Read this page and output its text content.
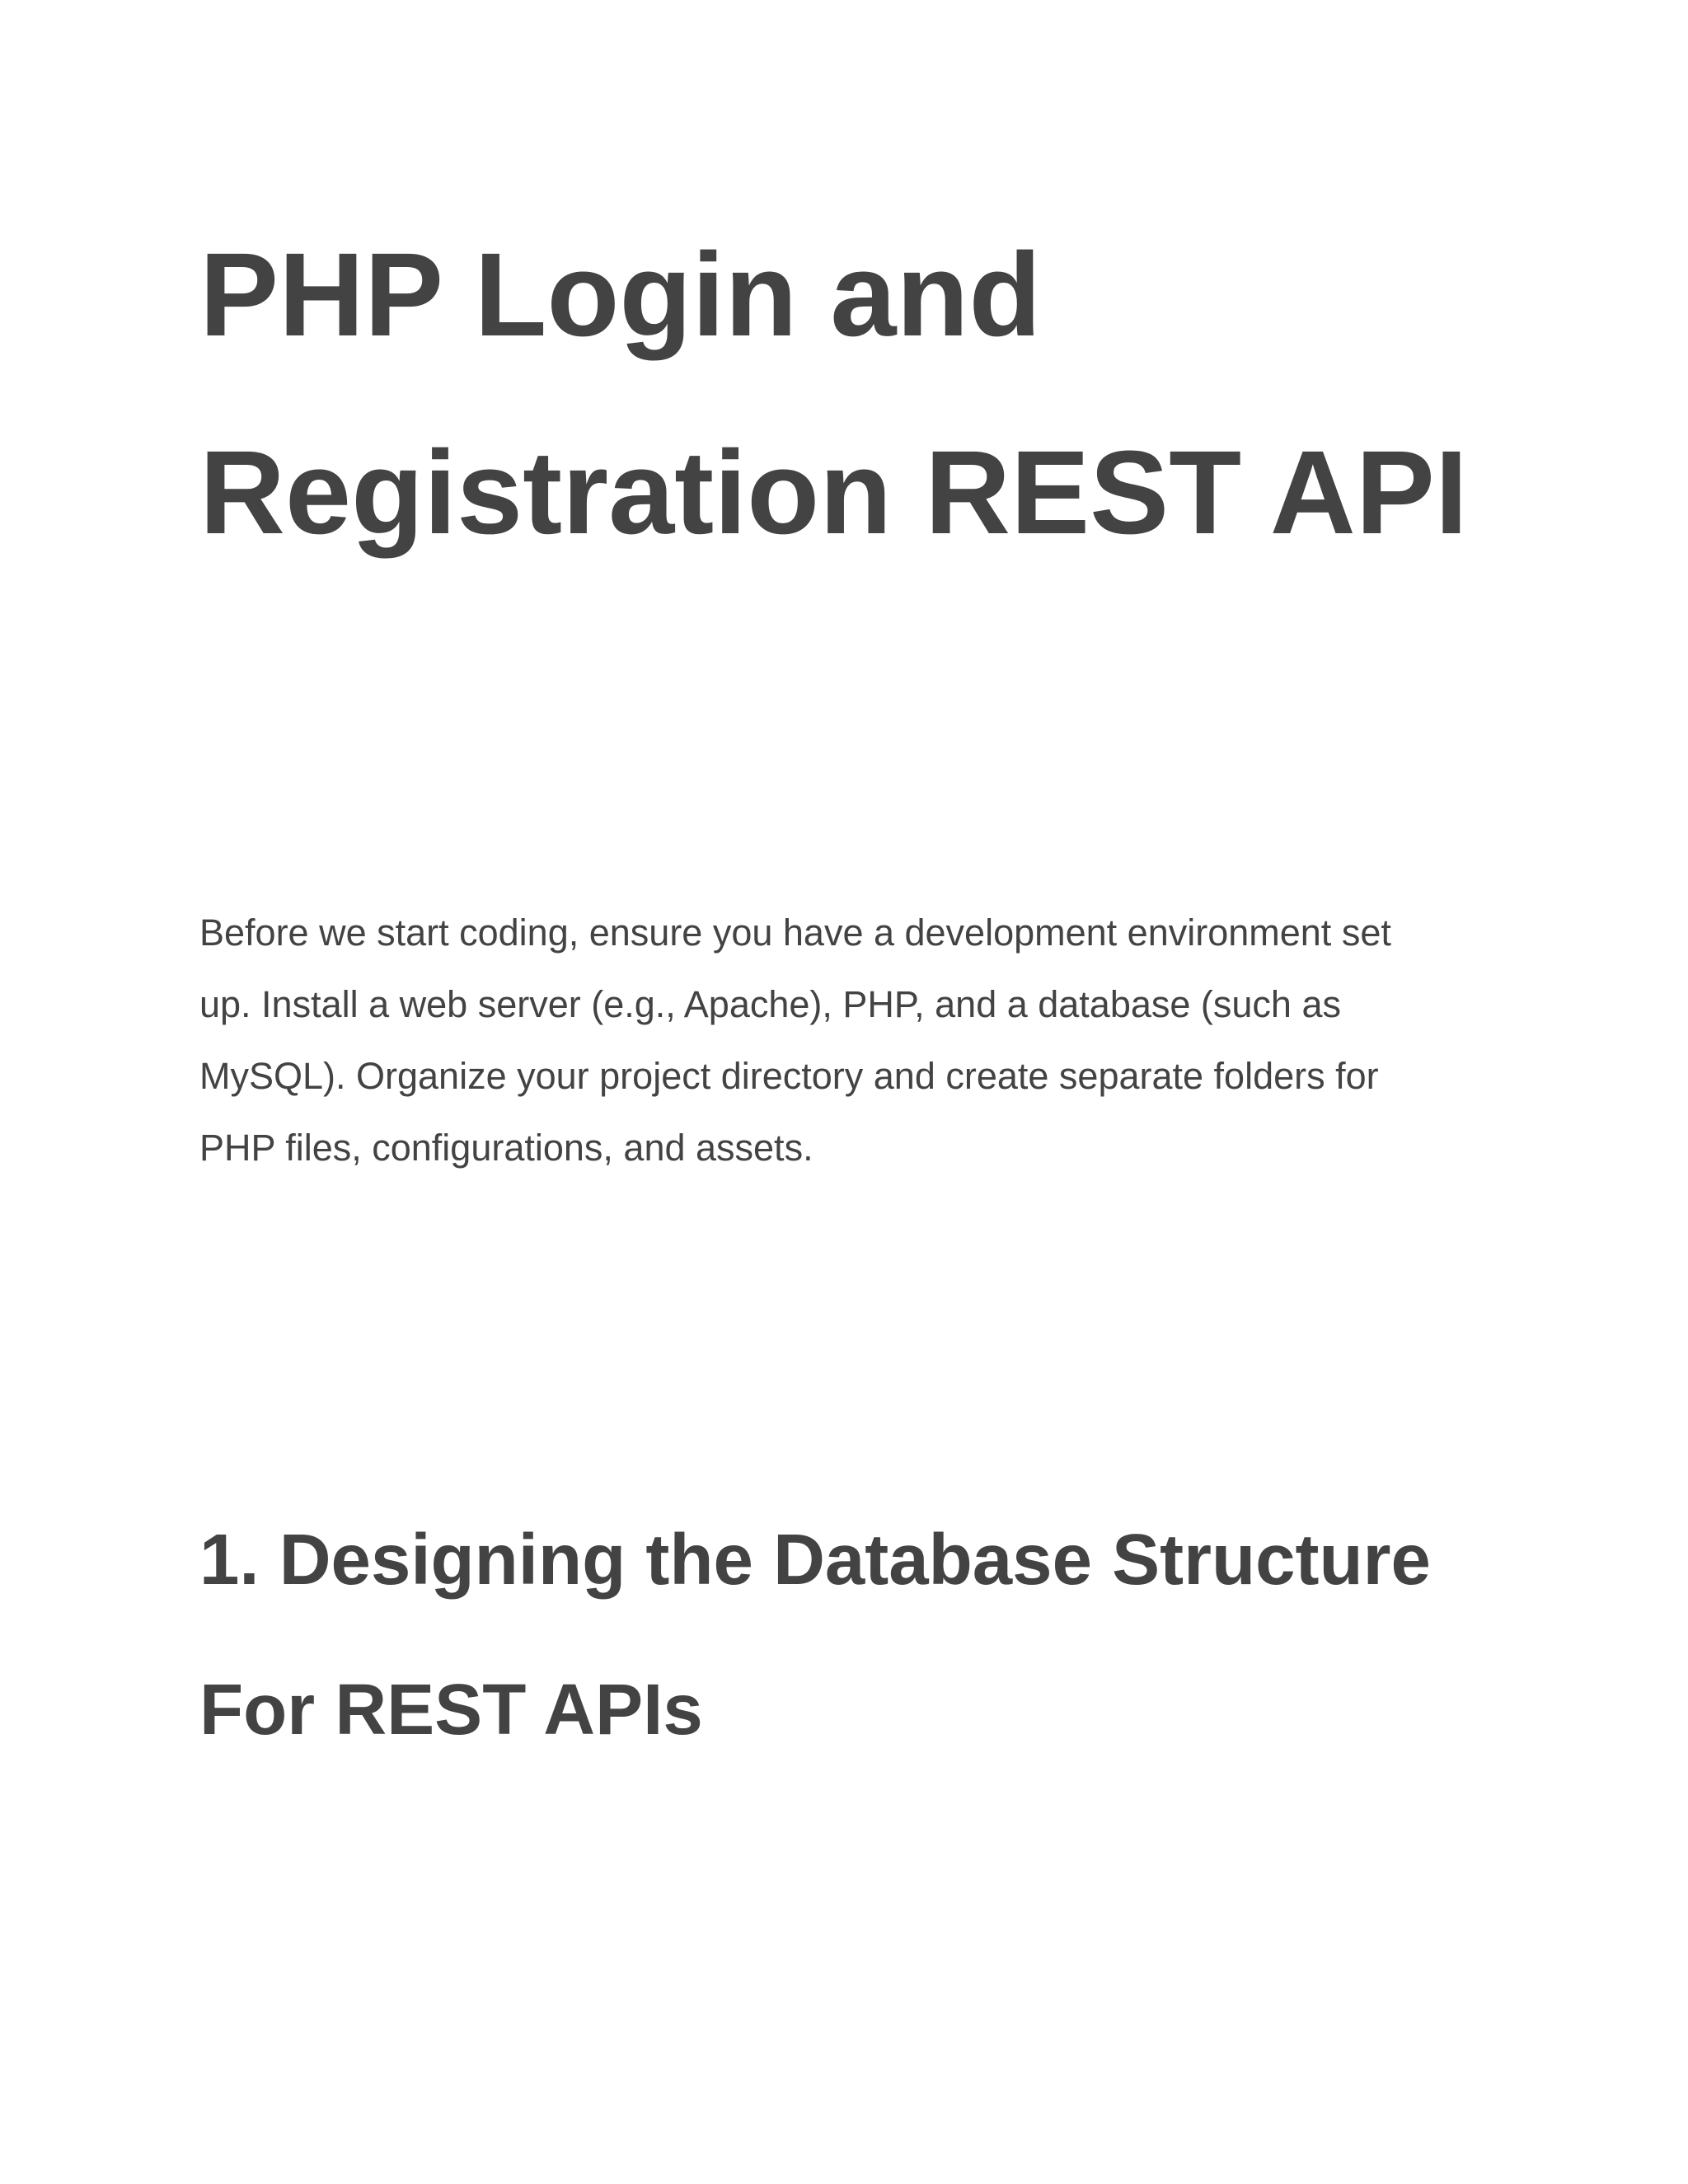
PHP Login and
Registration REST API

Before we start coding, ensure you have a development environment set
up. Install a web server (e.g., Apache), PHP, and a database (such as
MySQL). Organize your project directory and create separate folders for
PHP files, configurations, and assets.

1. Designing the Database Structure
For REST APIs
